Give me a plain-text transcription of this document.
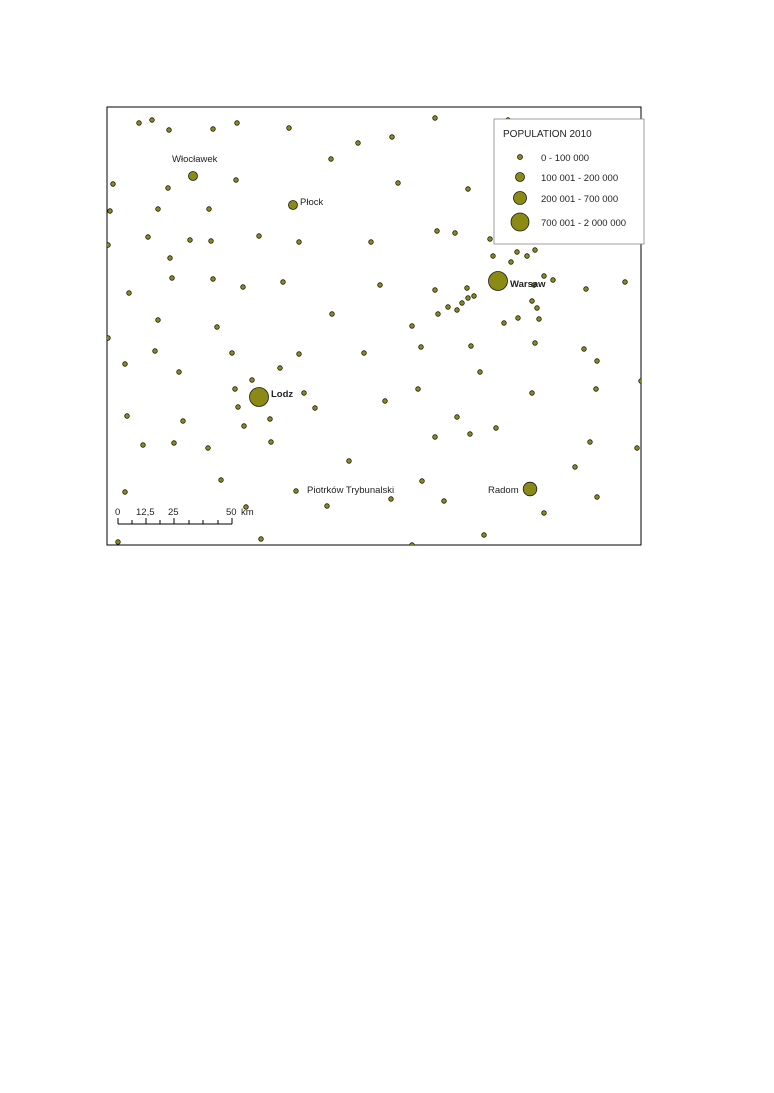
Włocławek
Płock
Warsaw
Lodz
Piotrków Trybunalski	Radom
POPULATION 2010
0 - 100 000
100 001 - 200 000
200 001 - 700 000
700 001 - 2 000 000
0 12,5 25	50 km
